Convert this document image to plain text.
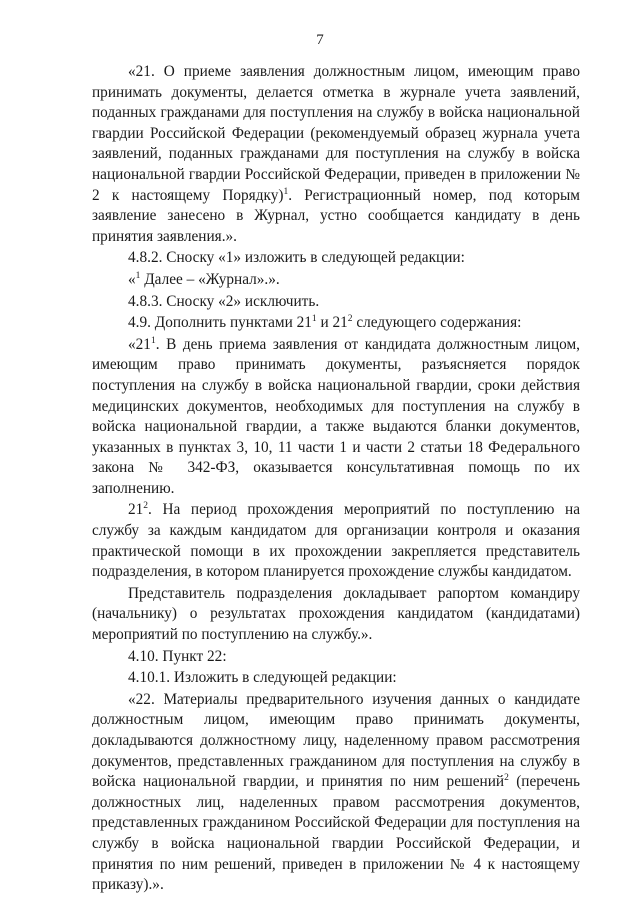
7

«21. О приеме заявления должностным лицом, имеющим право принимать документы, делается отметка в журнале учета заявлений, поданных гражданами для поступления на службу в войска национальной гвардии Российской Федерации (рекомендуемый образец журнала учета заявлений, поданных гражданами для поступления на службу в войска национальной гвардии Российской Федерации, приведен в приложении № 2 к настоящему Порядку)$^1$. Регистрационный номер, под которым заявление занесено в Журнал, устно сообщается кандидату в день принятия заявления.».

4.8.2. Сноску «1» изложить в следующей редакции:

«$^1$ Далее – «Журнал».».

4.8.3. Сноску «2» исключить.

4.9. Дополнить пунктами $21^1$ и $21^2$ следующего содержания:

«$21^1$. В день приема заявления от кандидата должностным лицом, имеющим право принимать документы, разъясняется порядок поступления на службу в войска национальной гвардии, сроки действия медицинских документов, необходимых для поступления на службу в войска национальной гвардии, а также выдаются бланки документов, указанных в пунктах 3, 10, 11 части 1 и части 2 статьи 18 Федерального закона № 342-ФЗ, оказывается консультативная помощь по их заполнению.

$21^2$. На период прохождения мероприятий по поступлению на службу за каждым кандидатом для организации контроля и оказания практической помощи в их прохождении закрепляется представитель подразделения, в котором планируется прохождение службы кандидатом.

Представитель подразделения докладывает рапортом командиру (начальнику) о результатах прохождения кандидатом (кандидатами) мероприятий по поступлению на службу.».

4.10. Пункт 22:

4.10.1. Изложить в следующей редакции:

«22. Материалы предварительного изучения данных о кандидате должностным лицом, имеющим право принимать документы, докладываются должностному лицу, наделенному правом рассмотрения документов, представленных гражданином для поступления на службу в войска национальной гвардии, и принятия по ним решений$^2$ (перечень должностных лиц, наделенных правом рассмотрения документов, представленных гражданином Российской Федерации для поступления на службу в войска национальной гвардии Российской Федерации, и принятия по ним решений, приведен в приложении № 4 к настоящему приказу).».
